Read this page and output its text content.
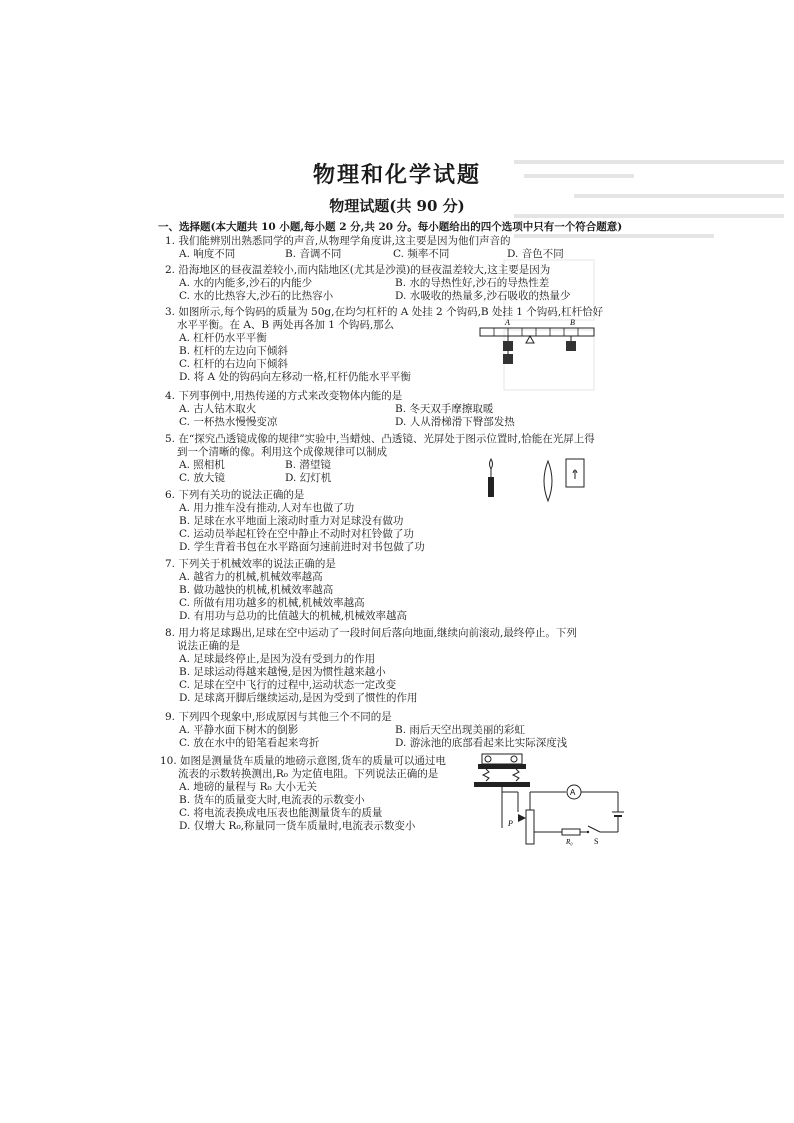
物理和化学试题
物理试题(共 90 分)
一、选择题(本大题共 10 小题,每小题 2 分,共 20 分。每小题给出的四个选项中只有一个符合题意)
1. 我们能辨别出熟悉同学的声音,从物理学角度讲,这主要是因为他们声音的
A. 响度不同	B. 音调不同	C. 频率不同	D. 音色不同
2. 沿海地区的昼夜温差较小,而内陆地区(尤其是沙漠)的昼夜温差较大,这主要是因为
A. 水的内能多,沙石的内能少	B. 水的导热性好,沙石的导热性差
C. 水的比热容大,沙石的比热容小	D. 水吸收的热量多,沙石吸收的热量少
3. 如图所示,每个钩码的质量为 50g,在均匀杠杆的 A 处挂 2 个钩码,B 处挂 1 个钩码,杠杆恰好
水平平衡。在 A、B 两处再各加 1 个钩码,那么
A. 杠杆仍水平平衡
B. 杠杆的左边向下倾斜
C. 杠杆的右边向下倾斜
D. 将 A 处的钩码向左移动一格,杠杆仍能水平平衡
A	B
4. 下列事例中,用热传递的方式来改变物体内能的是
A. 古人钻木取火	B. 冬天双手摩擦取暖
C. 一杯热水慢慢变凉	D. 人从滑梯滑下臀部发热
5. 在“探究凸透镜成像的规律”实验中,当蜡烛、凸透镜、光屏处于图示位置时,恰能在光屏上得
到一个清晰的像。利用这个成像规律可以制成
A. 照相机	B. 潜望镜
C. 放大镜	D. 幻灯机
6. 下列有关功的说法正确的是
A. 用力推车没有推动,人对车也做了功
B. 足球在水平地面上滚动时重力对足球没有做功
C. 运动员举起杠铃在空中静止不动时对杠铃做了功
D. 学生背着书包在水平路面匀速前进时对书包做了功
7. 下列关于机械效率的说法正确的是
A. 越省力的机械,机械效率越高
B. 做功越快的机械,机械效率越高
C. 所做有用功越多的机械,机械效率越高
D. 有用功与总功的比值越大的机械,机械效率越高
8. 用力将足球踢出,足球在空中运动了一段时间后落向地面,继续向前滚动,最终停止。下列
说法正确的是
A. 足球最终停止,是因为没有受到力的作用
B. 足球运动得越来越慢,是因为惯性越来越小
C. 足球在空中飞行的过程中,运动状态一定改变
D. 足球离开脚后继续运动,是因为受到了惯性的作用
9. 下列四个现象中,形成原因与其他三个不同的是
A. 平静水面下树木的倒影	B. 雨后天空出现美丽的彩虹
C. 放在水中的铅笔看起来弯折	D. 游泳池的底部看起来比实际深度浅
10. 如图是测量货车质量的地磅示意图,货车的质量可以通过电
流表的示数转换测出,R₀ 为定值电阻。下列说法正确的是
A. 地磅的量程与 R₀ 大小无关
B. 货车的质量变大时,电流表的示数变小
C. 将电流表换成电压表也能测量货车的质量
D. 仅增大 R₀,称量同一货车质量时,电流表示数变小	P
A
S
R₀
